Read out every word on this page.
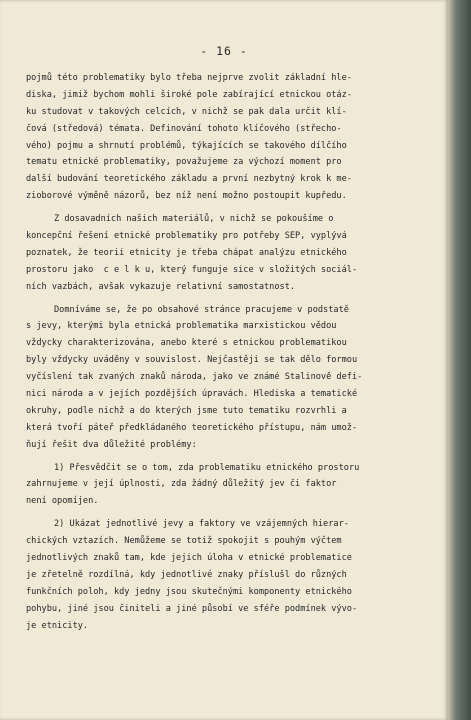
- 16 -
pojmů této problematiky bylo třeba nejprve zvolit základní hle-
diska, jimiž bychom mohli široké pole zabírající etnickou otáz-
ku studovat v takových celcích, v nichž se pak dala určit klí-
čová (středová) témata. Definování tohoto klíčového (střecho-
vého) pojmu a shrnutí problémů, týkajících se takového dílčího
tematu etnické problematiky, považujeme za výchozí moment pro
další budování teoretického základu a první nezbytný krok k me-
zioborové výměně názorů, bez níž není možno postoupit kupředu.
Z dosavadních našich materiálů, v nichž se pokoušíme o
koncepční řešení etnické problematiky pro potřeby SEP, vyplývá
poznatek, že teorii etnicity je třeba chápat analýzu etnického
prostoru jako  c e l k u, který funguje sice v složitých sociál-
ních vazbách, avšak vykazuje relativní samostatnost.
Domníváme se, že po obsahové stránce pracujeme v podstatě
s jevy, kterými byla etnická problematika marxistickou vědou
vždycky charakterizována, anebo které s etnickou problematikou
byly vždycky uváděny v souvislost. Nejčastěji se tak dělo formou
vyčíslení tak zvaných znaků národa, jako ve známé Stalinově defi-
nici národa a v jejích pozdějších úpravách. Hlediska a tematické
okruhy, podle nichž a do kterých jsme tuto tematiku rozvrhli a
která tvoří páteř předkládaného teoretického přístupu, nám umož-
ňují řešit dva důležité problémy:
1) Přesvědčit se o tom, zda problematiku etnického prostoru
zahrnujeme v její úplnosti, zda žádný důležitý jev či faktor
není opomíjen.
2) Ukázat jednotlivé jevy a faktory ve vzájemných hierar-
chických vztazích. Nemůžeme se totiž spokojit s pouhým výčtem
jednotlivých znaků tam, kde jejich úloha v etnické problematice
je zřetelně rozdílná, kdy jednotlivé znaky příslušl do různých
funkčních poloh, kdy jedny jsou skutečnými komponenty etnického
pohybu, jiné jsou činiteli a jiné působí ve sféře podmínek vývo-
je etnicity.
